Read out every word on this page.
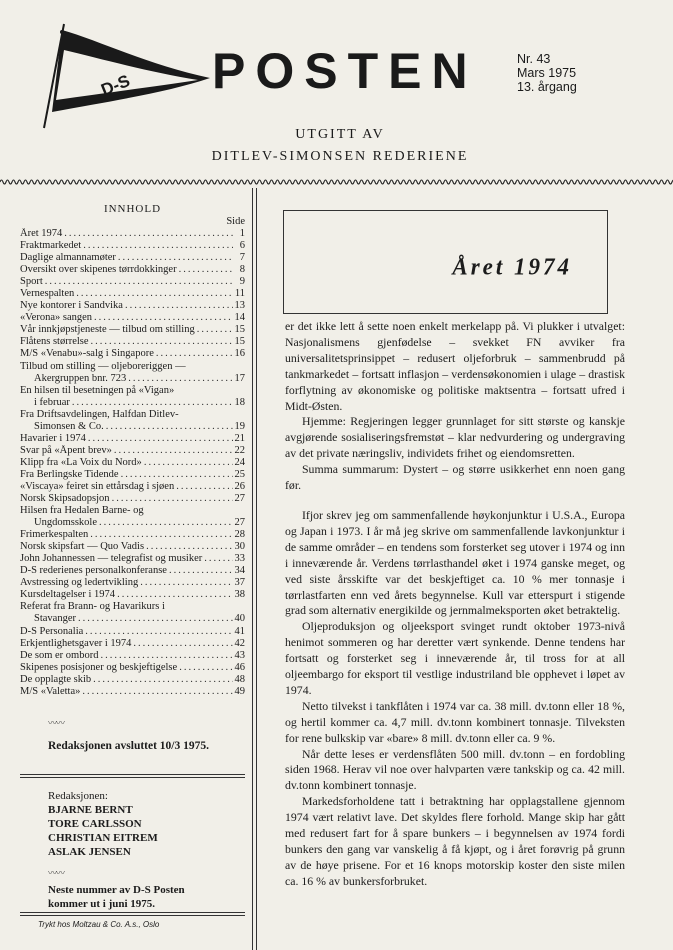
D-S POSTEN	Nr. 43
Mars 1975
13. årgang
UTGITT AV
DITLEV-SIMONSEN REDERIENE
INNHOLD
Side
Året 1974 .....	1
Fraktmarkedet .....	6
Daglige almannamøter .....	7
Oversikt over skipenes tørrdokkinger .....	8
Sport .....	9
Vernespalten .....	11
Nye kontorer i Sandvika .....	13
«Verona» sangen .....	14
Vår innkjøpstjeneste — tilbud om stilling .....	15
Flåtens størrelse .....	15
M/S «Venabu»-salg i Singapore .....	16
Tilbud om stilling — oljeboreriggen —
Akergruppen bnr. 723 .....	17
En hilsen til besetningen på «Vigan»
i februar .....	18
Fra Driftsavdelingen, Halfdan Ditlev-
Simonsen & Co. .....	19
Havarier i 1974 .....	21
Svar på «Åpent brev» .....	22
Klipp fra «La Voix du Nord» .....	24
Fra Berlingske Tidende .....	25
«Viscaya» feiret sin ettårsdag i sjøen .....	26
Norsk Skipsadopsjon .....	27
Hilsen fra Hedalen Barne- og
Ungdomsskole .....	27
Frimerkespalten .....	28
Norsk skipsfart — Quo Vadis .....	30
John Johannessen — telegrafist og musiker .....	33
D-S rederienes personalkonferanse .....	34
Avstressing og ledertvikling .....	37
Kursdeltagelser i 1974 .....	38
Referat fra Brann- og Havarikurs i
Stavanger .....	40
D-S Personalia .....	41
Erkjentlighetsgaver i 1974 .....	42
De som er ombord .....	43
Skipenes posisjoner og beskjeftigelse .....	46
De opplagte skib .....	48
M/S «Valetta» .....	49
〰〰
Redaksjonen avsluttet 10/3 1975.
Redaksjonen:
BJARNE BERNT
TORE CARLSSON
CHRISTIAN EITREM
ASLAK JENSEN
〰〰
Neste nummer av D-S Posten
kommer ut i juni 1975.
Trykt hos Moltzau & Co. A.s., Oslo
Året 1974

er det ikke lett å sette noen enkelt merkelapp på. Vi plukker i utvalget: Nasjonalismens gjenfødelse – svekket FN avviker fra universalitetsprinsippet – redusert oljeforbruk – sammenbrudd på tankmarkedet – fortsatt inflasjon – verdensøkonomien i ulage – drastisk forflytning av økonomiske og politiske maktsentra – fortsatt ufred i Midt-Østen.

Hjemme: Regjeringen legger grunnlaget for sitt største og kanskje avgjørende sosialiseringsfremstøt – klar nedvurdering og undergraving av det private næringsliv, individets frihet og eiendomsretten.

Summa summarum: Dystert – og større usikkerhet enn noen gang før.

Ifjor skrev jeg om sammenfallende høykonjunktur i U.S.A., Europa og Japan i 1973. I år må jeg skrive om sammenfallende lavkonjunktur i de samme områder – en tendens som forsterket seg utover i 1974 og inn i inneværende år. Verdens tørrlasthandel øket i 1974 ganske meget, og ved siste årsskifte var det beskjeftiget ca. 10 % mer tonnasje i tørrlastfarten enn ved årets begynnelse. Kull var etterspurt i stigende grad som alternativ energikilde og jernmalmeksporten øket betraktelig.

Oljeproduksjon og oljeeksport svinget rundt oktober 1973-nivå henimot sommeren og har deretter vært synkende. Denne tendens har fortsatt og forsterket seg i inneværende år, til tross for at all oljeembargo for eksport til vestlige industriland ble opphevet i løpet av 1974.

Netto tilvekst i tankflåten i 1974 var ca. 38 mill. dv.tonn eller 18 %, og hertil kommer ca. 4,7 mill. dv.tonn kombinert tonnasje. Tilveksten for rene bulkskip var «bare» 8 mill. dv.tonn eller ca. 9 %.

Når dette leses er verdensflåten 500 mill. dv.tonn – en fordobling siden 1968. Herav vil noe over halvparten være tankskip og ca. 42 mill. dv.tonn kombinert tonnasje.

Markedsforholdene tatt i betraktning har opplagstallene gjennom 1974 vært relativt lave. Det skyldes flere forhold. Mange skip har gått med redusert fart for å spare bunkers – i begynnelsen av 1974 fordi bunkers den gang var vanskelig å få kjøpt, og i året forøvrig på grunn av de høye prisene. For et 16 knops motorskip koster den siste milen ca. 16 % av bunkersforbruket.
